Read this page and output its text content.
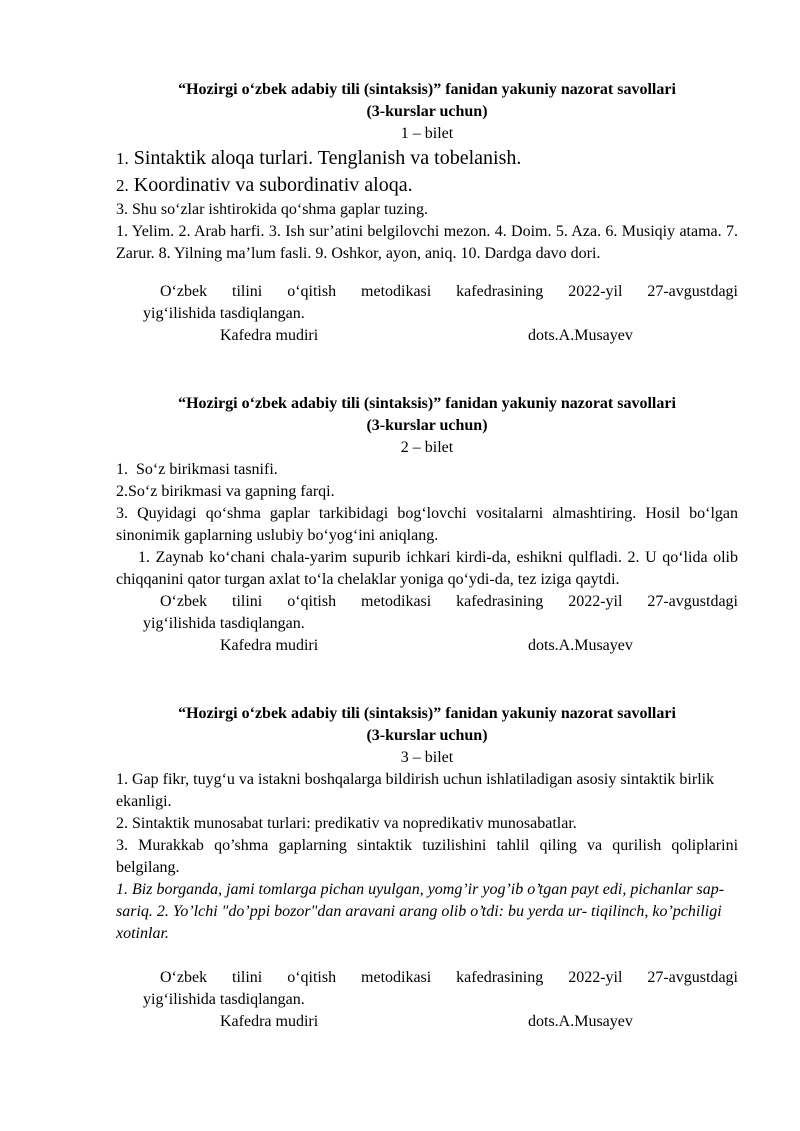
“Hozirgi o‘zbek adabiy tili (sintaksis)” fanidan yakuniy nazorat savollari
(3-kurslar uchun)
1 – bilet

1. Sintaktik aloqa turlari. Tenglanish va tobelanish.

2. Koordinativ va subordinativ aloqa.

3. Shu so‘zlar ishtirokida qo‘shma gaplar tuzing.

1. Yelim. 2. Arab harfi. 3. Ish sur’atini belgilovchi mezon. 4. Doim. 5. Aza. 6. Musiqiy atama. 7. Zarur. 8. Yilning ma’lum fasli. 9. Oshkor, ayon, aniq. 10. Dardga davo dori.

O‘zbek tilini o‘qitish metodikasi kafedrasining 2022-yil 27-avgustdagi
yig‘ilishida tasdiqlangan.
Kafedra mudiri	dots.A.Musayev
“Hozirgi o‘zbek adabiy tili (sintaksis)” fanidan yakuniy nazorat savollari
(3-kurslar uchun)
2 – bilet

1. So‘z birikmasi tasnifi.

2.So‘z birikmasi va gapning farqi.

3. Quyidagi qo‘shma gaplar tarkibidagi bog‘lovchi vositalarni almashtiring. Hosil bo‘lgan sinonimik gaplarning uslubiy bo‘yog‘ini aniqlang.

1. Zaynab ko‘chani chala-yarim supurib ichkari kirdi-da, eshikni qulfladi. 2. U qo‘lida olib chiqqanini qator turgan axlat to‘la chelaklar yoniga qo‘ydi-da, tez iziga qaytdi.

O‘zbek tilini o‘qitish metodikasi kafedrasining 2022-yil 27-avgustdagi
yig‘ilishida tasdiqlangan.
Kafedra mudiri	dots.A.Musayev
“Hozirgi o‘zbek adabiy tili (sintaksis)” fanidan yakuniy nazorat savollari
(3-kurslar uchun)
3 – bilet

1. Gap fikr, tuyg‘u va istakni boshqalarga bildirish uchun ishlatiladigan asosiy sintaktik birlik ekanligi.

2. Sintaktik munosabat turlari: predikativ va nopredikativ munosabatlar.

3. Murakkab qo’shma gaplarning sintaktik tuzilishini tahlil qiling va qurilish qoliplarini belgilang.

1. Biz borganda, jami tomlarga pichan uyulgan, yomg’ir yog’ib o’tgan payt edi, pichanlar sap-sariq. 2. Yo’lchi "do’ppi bozor"dan aravani arang olib o’tdi: bu yerda ur- tiqilinch, ko’pchiligi xotinlar.

O‘zbek tilini o‘qitish metodikasi kafedrasining 2022-yil 27-avgustdagi
yig‘ilishida tasdiqlangan.
Kafedra mudiri	dots.A.Musayev
